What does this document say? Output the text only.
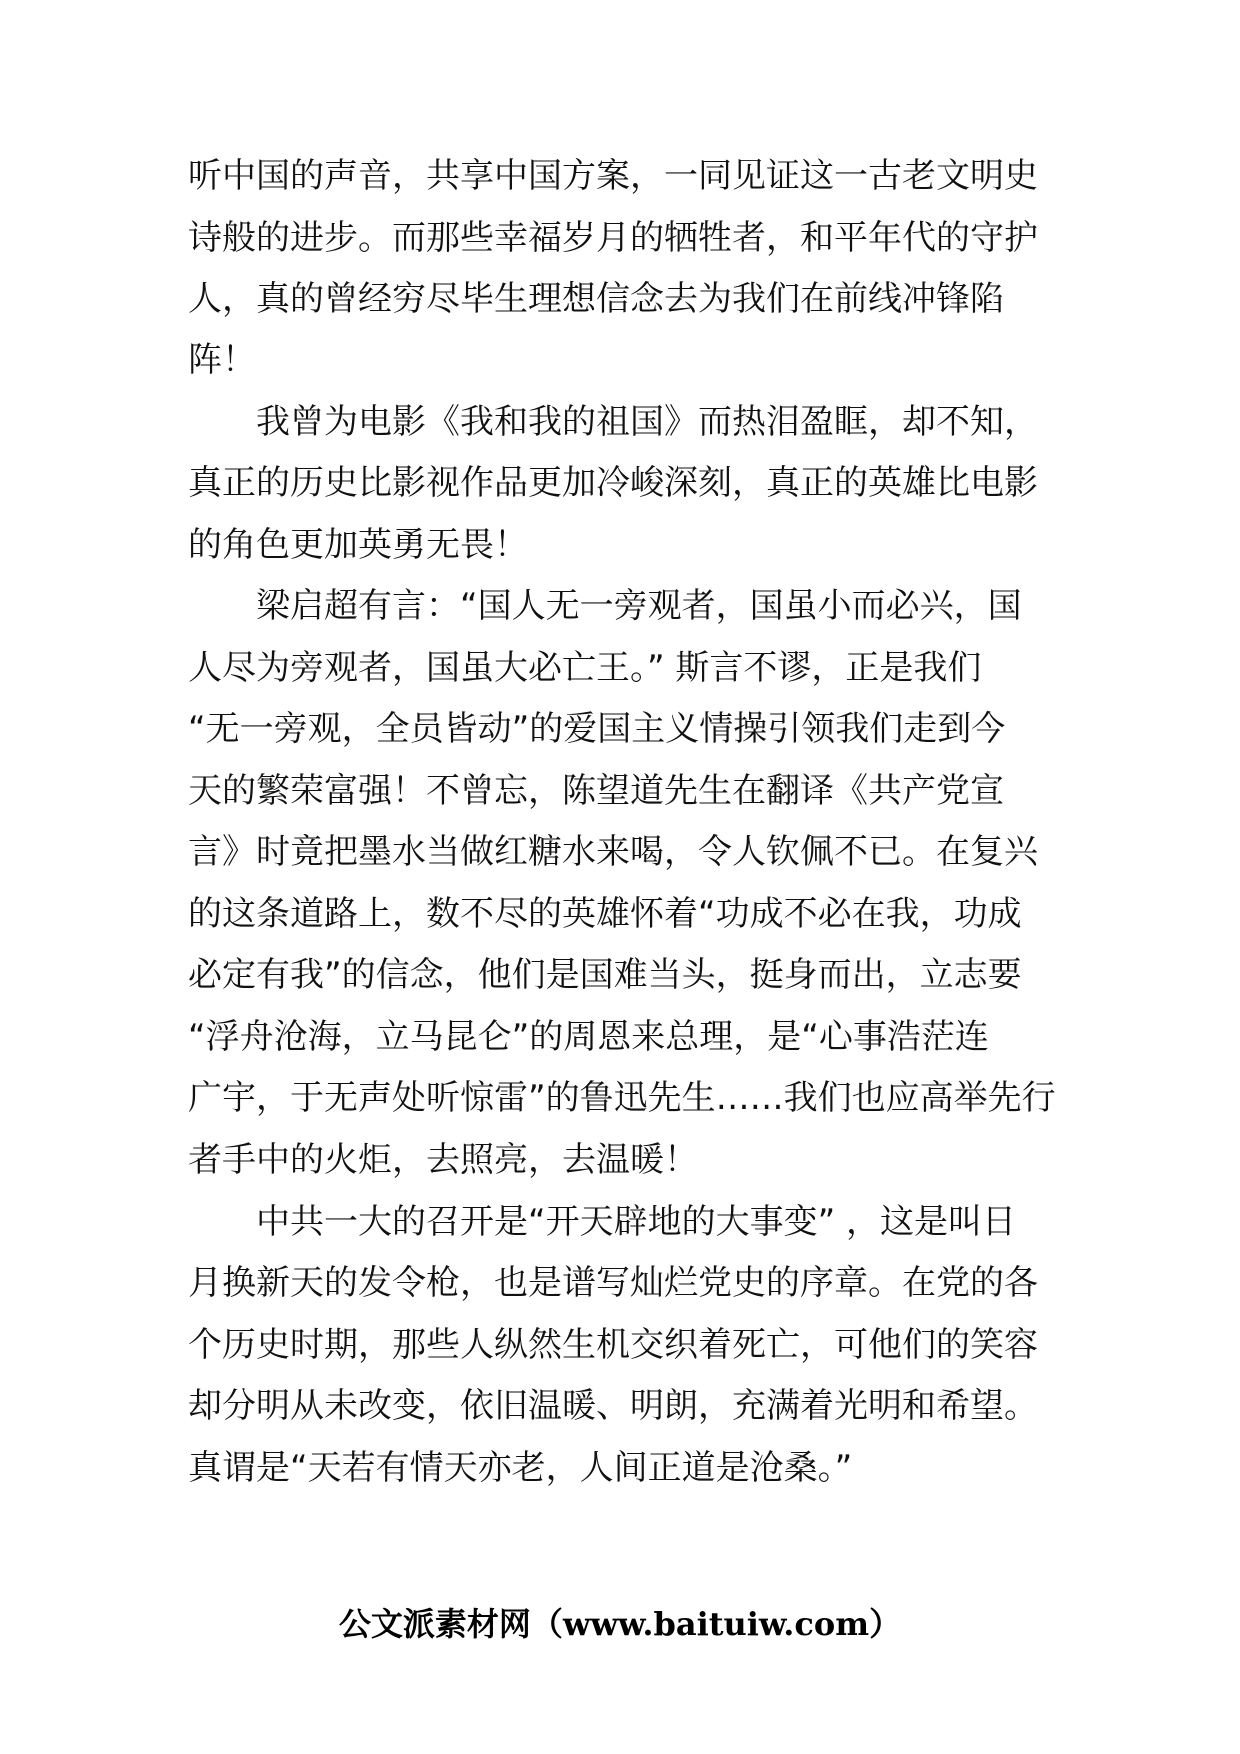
听中国的声音，共享中国方案，一同见证这一古老文明史
诗般的进步。而那些幸福岁月的牺牲者，和平年代的守护
人，真的曾经穷尽毕生理想信念去为我们在前线冲锋陷
阵！
我曾为电影《我和我的祖国》而热泪盈眶，却不知，
真正的历史比影视作品更加冷峻深刻，真正的英雄比电影
的角色更加英勇无畏！
梁启超有言：“国人无一旁观者，国虽小而必兴，国
人尽为旁观者，国虽大必亡王。” 斯言不谬，正是我们
“无一旁观，全员皆动”的爱国主义情操引领我们走到今
天的繁荣富强！不曾忘，陈望道先生在翻译《共产党宣
言》时竟把墨水当做红糖水来喝，令人钦佩不已。在复兴
的这条道路上，数不尽的英雄怀着“功成不必在我，功成
必定有我”的信念，他们是国难当头，挺身而出，立志要
“浮舟沧海，立马昆仑”的周恩来总理，是“心事浩茫连
广宇，于无声处听惊雷”的鲁迅先生……我们也应高举先行
者手中的火炬，去照亮，去温暖！
中共一大的召开是“开天辟地的大事变” ，这是叫日
月换新天的发令枪，也是谱写灿烂党史的序章。在党的各
个历史时期，那些人纵然生机交织着死亡，可他们的笑容
却分明从未改变，依旧温暖、明朗，充满着光明和希望。
真谓是“天若有情天亦老，人间正道是沧桑。”
公文派素材网（www.baituiw.com）
